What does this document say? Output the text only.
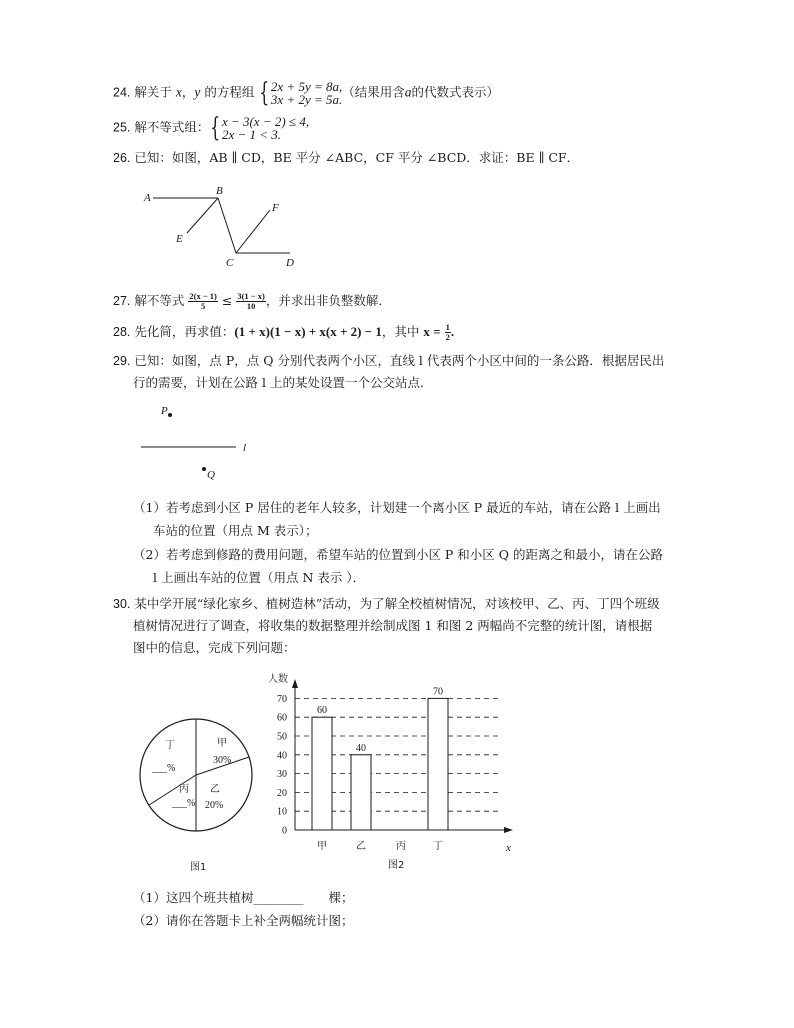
24. 解关于 x，y 的方程组 { 2x + 5y = 8a,
3x + 2y = 5a. （结果用含a的代数式表示）
25. 解不等式组：{ x − 3(x − 2) ≤ 4,
2x − 1 < 3.
26. 已知：如图，AB ∥ CD，BE 平分 ∠ABC，CF 平分 ∠BCD．求证：BE ∥ CF．
A
B
E
F
C	D
P
l
Q
甲
30%
乙
20%
丙
___%
丁
___%
图1
人数
x
图2
0
10
20
30
40
50
60
70
甲
60
乙
40
丙	丁
70
27. 解不等式 $\frac{2(x - 1)}{5} \le \frac{3(1 - x)}{10}$ ，并求出非负整数解．
28. 先化简，再求值：(1 + x)(1 − x) + x(x + 2) − 1，其中 $x = \frac{1}{2}$ .
29. 已知：如图，点 P，点 Q 分别代表两个小区，直线 l 代表两个小区中间的一条公路．根据居民出
行的需要，计划在公路 l 上的某处设置一个公交站点．
（1）若考虑到小区 P 居住的老年人较多，计划建一个离小区 P 最近的车站，请在公路 l 上画出
车站的位置（用点 M 表示）；
（2）若考虑到修路的费用问题，希望车站的位置到小区 P 和小区 Q 的距离之和最小，请在公路
l 上画出车站的位置（用点 N 表示 ）．
30. 某中学开展“绿化家乡、植树造林”活动，为了解全校植树情况，对该校甲、乙、丙、丁四个班级
植树情况进行了调查，将收集的数据整理并绘制成图 1 和图 2 两幅尚不完整的统计图，请根据
图中的信息，完成下列问题：
（1）这四个班共植树________　　棵；
（2）请你在答题卡上补全两幅统计图；
